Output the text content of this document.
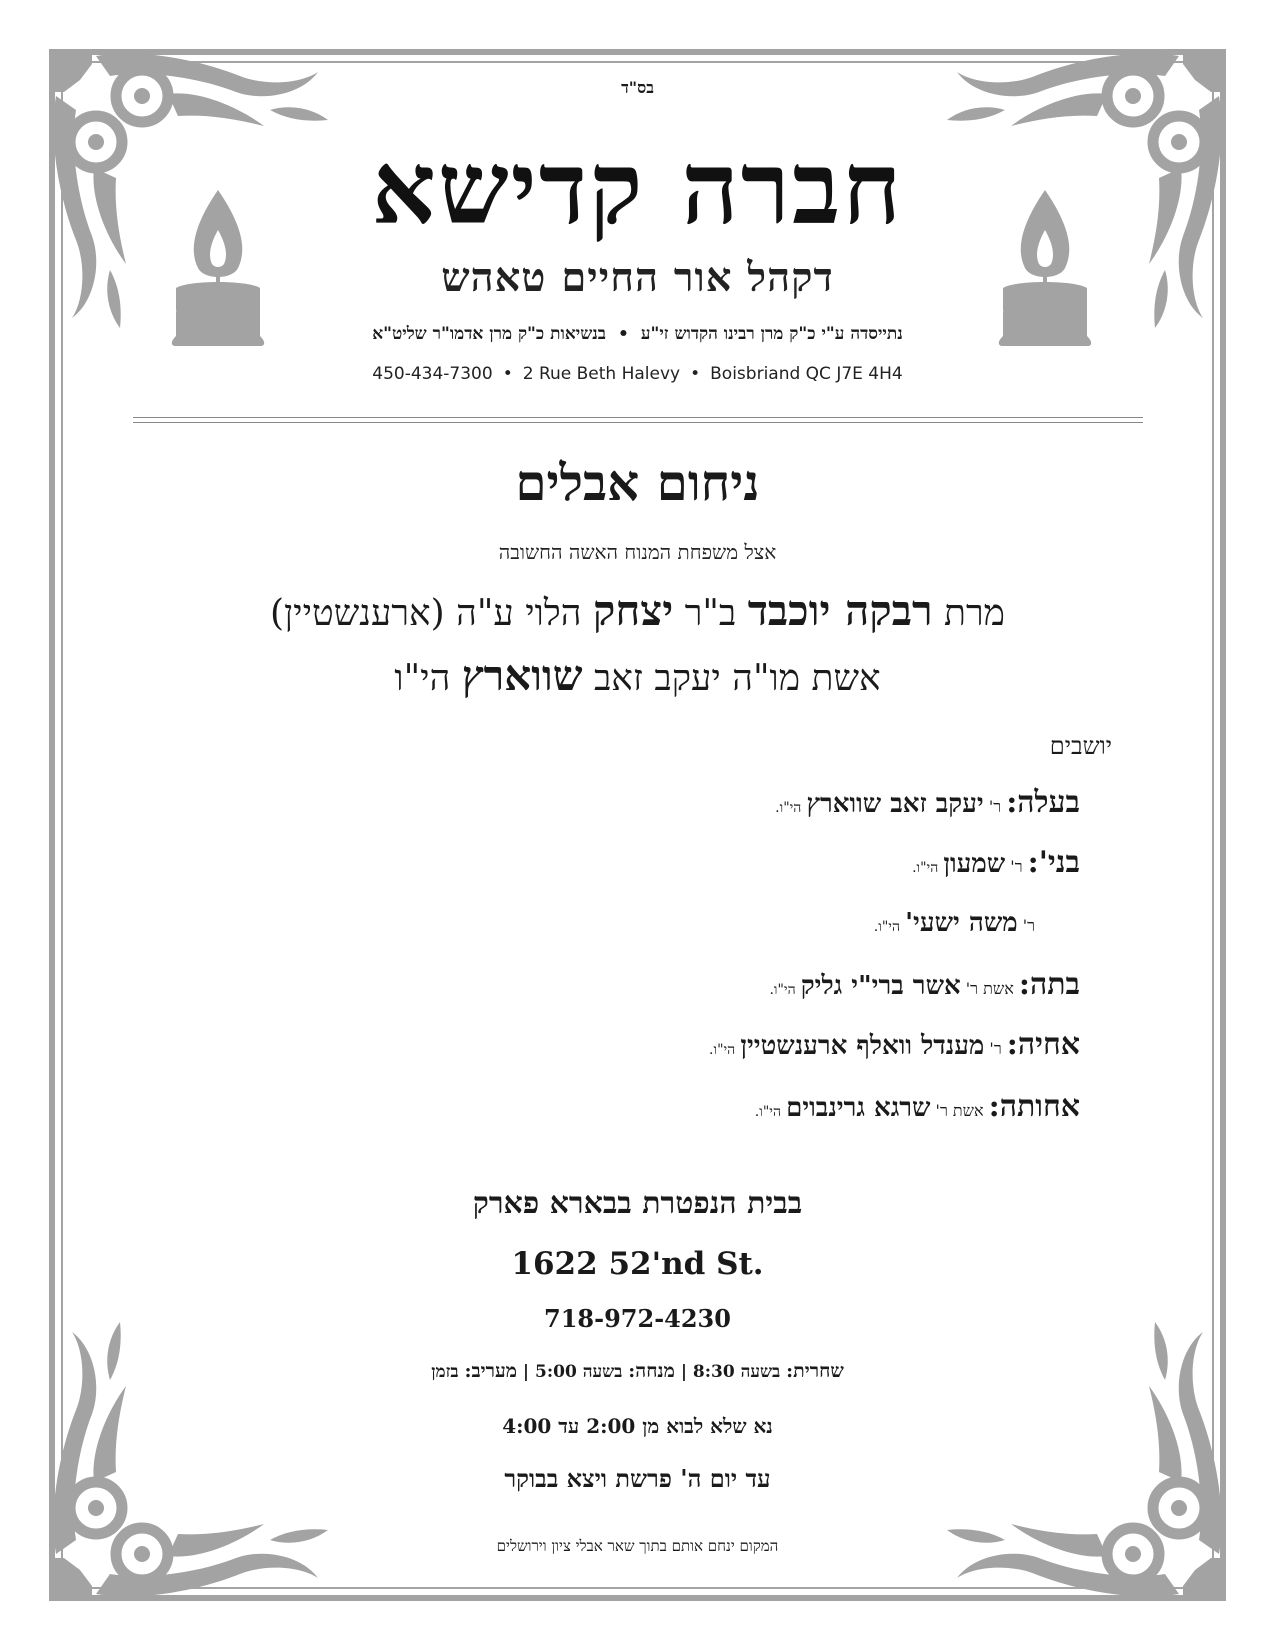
בס"ד
חברה קדישא
דקהל אור החיים טאהש
נתייסדה ע"י כ"ק מרן רבינו הקדוש זי"ע•בנשיאות כ"ק מרן אדמו"ר שליט"א
450-434-7300 • 2 Rue Beth Halevy • Boisbriand QC J7E 4H4
ניחום אבלים
אצל משפחת המנוח האשה החשובה
מרת רבקה יוכבד ב"ר יצחק הלוי ע"ה (ארענשטיין)
אשת מו"ה יעקב זאב שווארץ הי"ו
יושבים
בעלה: ר' יעקב זאב שווארץ הי"ו.
בני': ר' שמעון הי"ו.
ר' משה ישעי' הי"ו.
בתה: אשת ר' אשר ברי"י גליק הי"ו.
אחיה: ר' מענדל וואלף ארענשטיין הי"ו.
אחותה: אשת ר' שרגא גרינבוים הי"ו.
בבית הנפטרת בבארא פארק
1622 52'nd St.
718-972-4230
שחרית: בשעה 8:30 | מנחה: בשעה 5:00 | מעריב: בזמן
נא שלא לבוא מן 2:00 עד 4:00
עד יום ה' פרשת ויצא בבוקר
המקום ינחם אותם בתוך שאר אבלי ציון וירושלים
